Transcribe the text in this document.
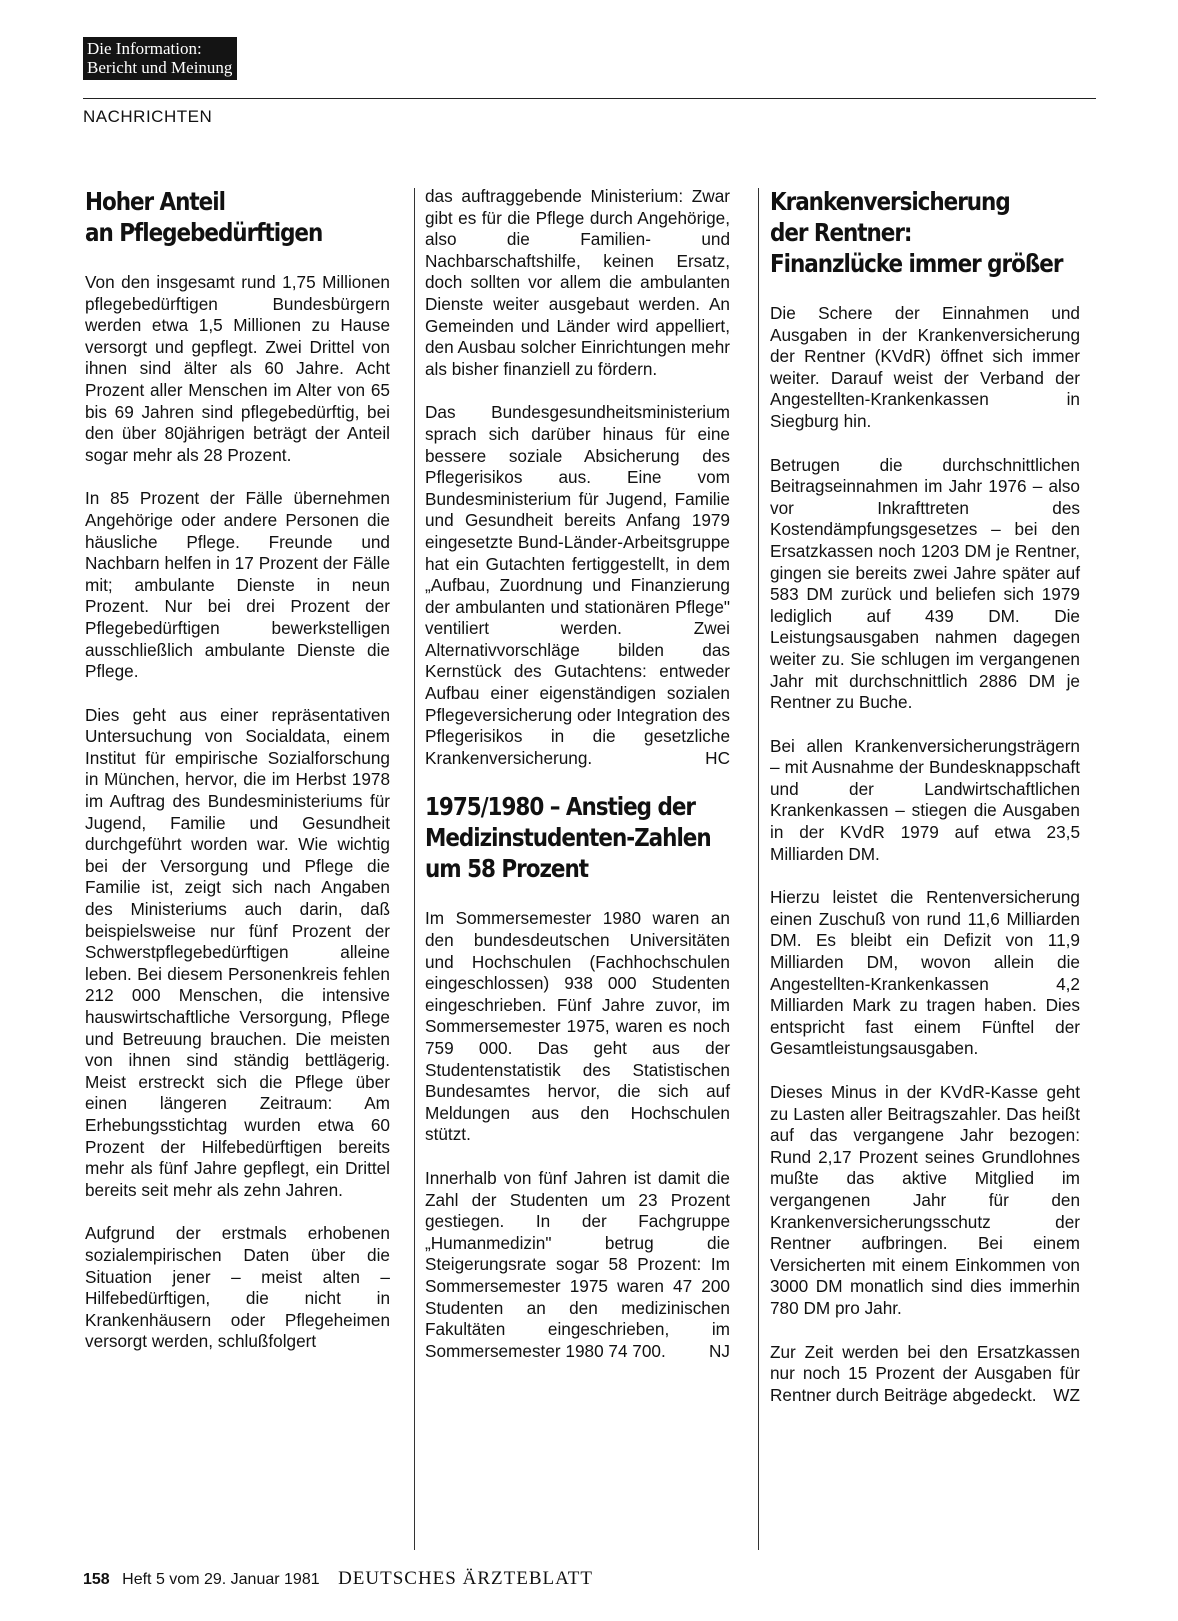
Die Information:
Bericht und Meinung
NACHRICHTEN
Hoher Anteil
an Pflegebedürftigen

Von den insgesamt rund 1,75 Millionen pflegebedürftigen Bundesbürgern werden etwa 1,5 Millionen zu Hause versorgt und gepflegt. Zwei Drittel von ihnen sind älter als 60 Jahre. Acht Prozent aller Menschen im Alter von 65 bis 69 Jahren sind pflegebedürftig, bei den über 80jährigen beträgt der Anteil sogar mehr als 28 Prozent.

In 85 Prozent der Fälle übernehmen Angehörige oder andere Personen die häusliche Pflege. Freunde und Nachbarn helfen in 17 Prozent der Fälle mit; ambulante Dienste in neun Prozent. Nur bei drei Prozent der Pflegebedürftigen bewerkstelligen ausschließlich ambulante Dienste die Pflege.

Dies geht aus einer repräsentativen Untersuchung von Socialdata, einem Institut für empirische Sozialforschung in München, hervor, die im Herbst 1978 im Auftrag des Bundesministeriums für Jugend, Familie und Gesundheit durchgeführt worden war. Wie wichtig bei der Versorgung und Pflege die Familie ist, zeigt sich nach Angaben des Ministeriums auch darin, daß beispielsweise nur fünf Prozent der Schwerstpflegebedürftigen alleine leben. Bei diesem Personenkreis fehlen 212 000 Menschen, die intensive hauswirtschaftliche Versorgung, Pflege und Betreuung brauchen. Die meisten von ihnen sind ständig bettlägerig. Meist erstreckt sich die Pflege über einen längeren Zeitraum: Am Erhebungsstichtag wurden etwa 60 Prozent der Hilfebedürftigen bereits mehr als fünf Jahre gepflegt, ein Drittel bereits seit mehr als zehn Jahren.

Aufgrund der erstmals erhobenen sozialempirischen Daten über die Situation jener – meist alten – Hilfebedürftigen, die nicht in Krankenhäusern oder Pflegeheimen versorgt werden, schlußfolgert

das auftraggebende Ministerium: Zwar gibt es für die Pflege durch Angehörige, also die Familien- und Nachbarschaftshilfe, keinen Ersatz, doch sollten vor allem die ambulanten Dienste weiter ausgebaut werden. An Gemeinden und Länder wird appelliert, den Ausbau solcher Einrichtungen mehr als bisher finanziell zu fördern.

Das Bundesgesundheitsministerium sprach sich darüber hinaus für eine bessere soziale Absicherung des Pflegerisikos aus. Eine vom Bundesministerium für Jugend, Familie und Gesundheit bereits Anfang 1979 eingesetzte Bund-Länder-Arbeitsgruppe hat ein Gutachten fertiggestellt, in dem „Aufbau, Zuordnung und Finanzierung der ambulanten und stationären Pflege" ventiliert werden. Zwei Alternativvorschläge bilden das Kernstück des Gutachtens: entweder Aufbau einer eigenständigen sozialen Pflegeversicherung oder Integration des Pflegerisikos in die gesetzliche Krankenversicherung.	HC

1975/1980 – Anstieg der
Medizinstudenten-Zahlen
um 58 Prozent

Im Sommersemester 1980 waren an den bundesdeutschen Universitäten und Hochschulen (Fachhochschulen eingeschlossen) 938 000 Studenten eingeschrieben. Fünf Jahre zuvor, im Sommersemester 1975, waren es noch 759 000. Das geht aus der Studentenstatistik des Statistischen Bundesamtes hervor, die sich auf Meldungen aus den Hochschulen stützt.

Innerhalb von fünf Jahren ist damit die Zahl der Studenten um 23 Prozent gestiegen. In der Fachgruppe „Humanmedizin" betrug die Steigerungsrate sogar 58 Prozent: Im Sommersemester 1975 waren 47 200 Studenten an den medizinischen Fakultäten eingeschrieben, im Sommersemester 1980 74 700.	NJ

Krankenversicherung
der Rentner:
Finanzlücke immer größer

Die Schere der Einnahmen und Ausgaben in der Krankenversicherung der Rentner (KVdR) öffnet sich immer weiter. Darauf weist der Verband der Angestellten-Krankenkassen in Siegburg hin.

Betrugen die durchschnittlichen Beitragseinnahmen im Jahr 1976 – also vor Inkrafttreten des Kostendämpfungsgesetzes – bei den Ersatzkassen noch 1203 DM je Rentner, gingen sie bereits zwei Jahre später auf 583 DM zurück und beliefen sich 1979 lediglich auf 439 DM. Die Leistungsausgaben nahmen dagegen weiter zu. Sie schlugen im vergangenen Jahr mit durchschnittlich 2886 DM je Rentner zu Buche.

Bei allen Krankenversicherungsträgern – mit Ausnahme der Bundesknappschaft und der Landwirtschaftlichen Krankenkassen – stiegen die Ausgaben in der KVdR 1979 auf etwa 23,5 Milliarden DM.

Hierzu leistet die Rentenversicherung einen Zuschuß von rund 11,6 Milliarden DM. Es bleibt ein Defizit von 11,9 Milliarden DM, wovon allein die Angestellten-Krankenkassen 4,2 Milliarden Mark zu tragen haben. Dies entspricht fast einem Fünftel der Gesamtleistungsausgaben.

Dieses Minus in der KVdR-Kasse geht zu Lasten aller Beitragszahler. Das heißt auf das vergangene Jahr bezogen: Rund 2,17 Prozent seines Grundlohnes mußte das aktive Mitglied im vergangenen Jahr für den Krankenversicherungsschutz der Rentner aufbringen. Bei einem Versicherten mit einem Einkommen von 3000 DM monatlich sind dies immerhin 780 DM pro Jahr.

Zur Zeit werden bei den Ersatzkassen nur noch 15 Prozent der Ausgaben für Rentner durch Beiträge abgedeckt. WZ

158 Heft 5 vom 29. Januar 1981 DEUTSCHES ÄRZTEBLATT
